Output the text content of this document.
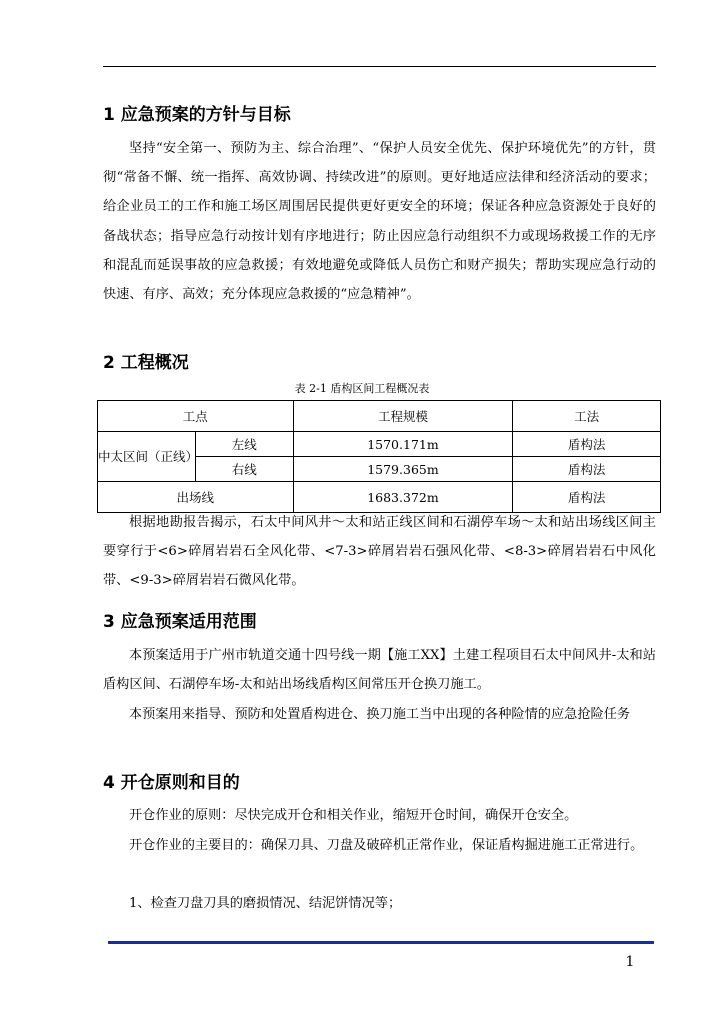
1 应急预案的方针与目标
坚持“安全第一、预防为主、综合治理”、“保护人员安全优先、保护环境优先”的方针，贯彻“常备不懈、统一指挥、高效协调、持续改进”的原则。更好地适应法律和经济活动的要求；给企业员工的工作和施工场区周围居民提供更好更安全的环境；保证各种应急资源处于良好的备战状态；指导应急行动按计划有序地进行；防止因应急行动组织不力或现场救援工作的无序和混乱而延误事故的应急救援；有效地避免或降低人员伤亡和财产损失；帮助实现应急行动的快速、有序、高效；充分体现应急救援的“应急精神”。
2 工程概况
表 2-1 盾构区间工程概况表
工点		工程规模	工法
中太区间（正线）	左线	1570.171m	盾构法
	右线	1579.365m	盾构法
出场线		1683.372m	盾构法
根据地勘报告揭示，石太中间风井～太和站正线区间和石湖停车场～太和站出场线区间主要穿行于<6>碎屑岩岩石全风化带、<7-3>碎屑岩岩石强风化带、<8-3>碎屑岩岩石中风化带、<9-3>碎屑岩岩石微风化带。
3 应急预案适用范围
本预案适用于广州市轨道交通十四号线一期【施工XX】土建工程项目石太中间风井-太和站盾构区间、石湖停车场-太和站出场线盾构区间常压开仓换刀施工。
本预案用来指导、预防和处置盾构进仓、换刀施工当中出现的各种险情的应急抢险任务
4 开仓原则和目的
开仓作业的原则：尽快完成开仓和相关作业，缩短开仓时间，确保开仓安全。
开仓作业的主要目的：确保刀具、刀盘及破碎机正常作业，保证盾构掘进施工正常进行。
1、检查刀盘刀具的磨损情况、结泥饼情况等；
1
